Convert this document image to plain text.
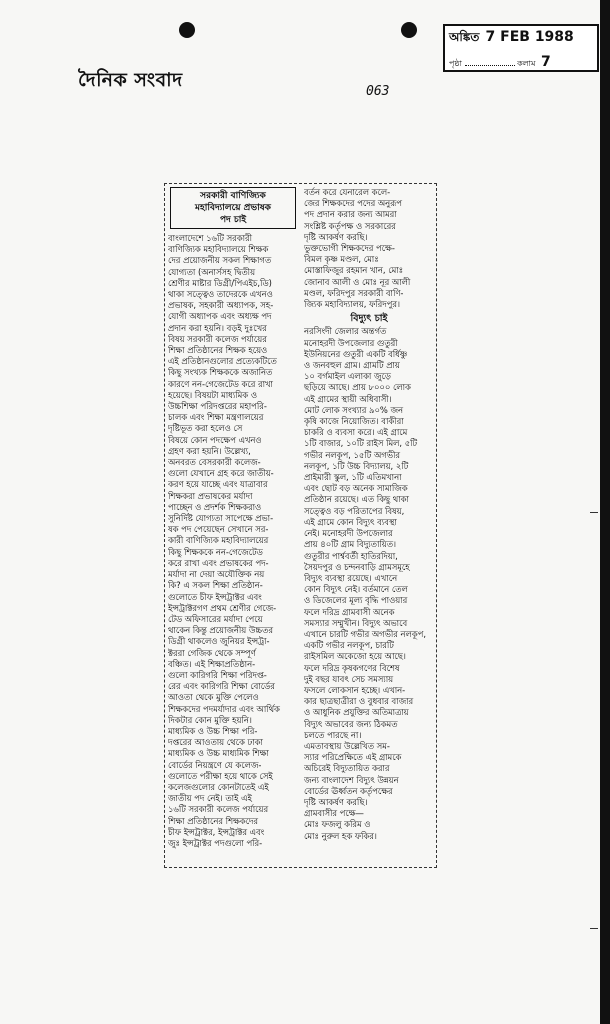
অঙ্কিত 7 FEB 1988
পৃষ্ঠা	কলাম 7
দৈনিক সংবাদ
063
সরকারী বাণিজ্যিক
মহাবিদ্যালয়ে প্রভাষক
পদ চাই

বাংলাদেশে ১৬টি সরকারী

বাণিজ্যিক মহাবিদ্যালয়ে শিক্ষক

দের প্রয়োজনীয় সকল শিক্ষাগত

যোগ্যতা (অনার্সসহ দ্বিতীয়

শ্রেণীর মাষ্টার ডিগ্রী/পিএইচ,ডি)

থাকা সত্ত্বেও তাদেরকে এখনও

প্রভাষক, সহকারী অধ্যাপক, সহ-

যোগী অধ্যাপক এবং অধ্যক্ষ পদ

প্রদান করা হয়নি। বড়ই দুঃখের

বিষয় সরকারী কলেজ পর্যায়ের

শিক্ষা প্রতিষ্ঠানের শিক্ষক হয়েও

এই প্রতিষ্ঠানগুলোর প্রত্যেকটিতে

কিছু সংখ্যক শিক্ষককে অজানিত

কারণে নন-গেজেটেড করে রাখা

হয়েছে। বিষয়টা মাধ্যমিক ও

উচ্চশিক্ষা পরিদপ্তরের মহাপরি-

চালক এবং শিক্ষা মন্ত্রণালয়ের

দৃষ্টিভূত করা হলেও সে

বিষয়ে কোন পদক্ষেপ এখনও

গ্রহণ করা হয়নি। উল্লেখ্য,

অনবরত বেসরকারী কলেজ-

গুলো যেখানে গ্রহ করে জাতীয়-

করণ হয়ে যাচ্ছে এবং যাত্রাবার

শিক্ষকরা প্রভাষকের মর্যাদা

পাচ্ছেন ও প্রদর্শক শিক্ষকরাও

সুনির্দিষ্ট যোগ্যতা সাপেক্ষে প্রভা-

ষক পদ পেয়েছেন সেখানে সর-

কারী বাণিজ্যিক মহাবিদ্যালয়ের

কিছু শিক্ষককে নন-গেজেটেড

করে রাখা এবং প্রভাষকের পদ-

মর্যাদা না দেয়া অযৌক্তিক নয়

কি? এ সকল শিক্ষা প্রতিষ্ঠান-

গুলোতে চীফ ইন্সট্রাক্টর এবং

ইন্সট্রাক্টরগণ প্রথম শ্রেণীর গেজে-

টেড অফিসারের মর্যাদা পেয়ে

থাকেন কিন্তু প্রয়োজনীয় উচ্চতর

ডিগ্রী থাকলেও জুনিয়র ইন্সট্রা-

ক্টররা গেজিক থেকে সম্পূর্ণ

বঞ্চিত। এই শিক্ষাপ্রতিষ্ঠান-

গুলো কারিগরি শিক্ষা পরিদপ্ত-

রের এবং কারিগরি শিক্ষা বোর্ডের

আওতা থেকে মুক্তি পেলেও

শিক্ষকদের পদমর্যাদার এবং আর্থিক

দিকটার কোন মুক্তি হয়নি।

মাধ্যমিক ও উচ্চ শিক্ষা পরি-

দপ্তরের আওতায় থেকে ঢাকা

মাধ্যমিক ও উচ্চ মাধ্যমিক শিক্ষা

বোর্ডের নিয়ন্ত্রণে যে কলেজ-

গুলোতে পরীক্ষা হয়ে থাকে সেই

কলেজগুলোর কোনটাতেই এই

জাতীয় পদ নেই। তাই এই

১৬টি সরকারী কলেজ পর্যায়ের

শিক্ষা প্রতিষ্ঠানের শিক্ষকদের

চীফ ইন্সট্রাক্টর, ইন্সট্রাক্টর এবং

জুঃ ইন্সট্রাক্টর পদগুলো পরি-

বর্তন করে যেনারেল কলে-

জের শিক্ষকদের পদের অনুরূপ

পদ প্রদান করার জন্য আমরা

সংশ্লিষ্ট কর্তৃপক্ষ ও সরকারের

দৃষ্টি আকর্ষণ করছি।

ভুক্তভোগী শিক্ষকদের পক্ষে-

বিমল কৃষ্ণ মণ্ডল, মোঃ

মোস্তাফিজুর রহমান খান, মোঃ

জোনাব আলী ও মোঃ নূর আলী

মণ্ডল, ফরিদপুর সরকারী বাণি-

জ্যিক মহাবিদ্যালয়, ফরিদপুর।

বিদ্যুৎ চাই

নরসিংদী জেলার অন্তর্গত

মনোহরদী উপজেলার গুতুরী

ইউনিয়নের গুতুরী একটি বর্ধিষ্ণু

ও জনবহুল গ্রাম। গ্রামটি প্রায়

১০ বর্গমাইল এলাকা জুড়ে

ছড়িয়ে আছে। প্রায় ৮০০০ লোক

এই গ্রামের স্থায়ী অধিবাসী।

মোট লোক সংখ্যার ৯০% জন

কৃষি কাজে নিয়োজিত। বাকীরা

চাকরি ও ব্যবসা করে। এই গ্রামে

১টি বাজার, ১০টি রাইস মিল, ৫টি

গভীর নলকূপ, ১৫টি অগভীর

নলকূপ, ১টি উচ্চ বিদ্যালয়, ২টি

প্রাইমারী স্কুল, ১টি এতিমখানা

এবং ছোট বড় অনেক সামাজিক

প্রতিষ্ঠান রয়েছে। এত কিছু থাকা

সত্ত্বেও বড় পরিতাপের বিষয়,

এই গ্রামে কোন বিদ্যুৎ ব্যবস্থা

নেই। মনোহরদী উপজেলার

প্রায় ৪০টি গ্রাম বিদ্যুতায়িত।

গুতুরীর পার্শ্ববর্তী হাতিরদিয়া,

সৈয়দপুর ও চন্দনবাড়ি গ্রামসমূহে

বিদ্যুৎ ব্যবস্থা রয়েছে। এখানে

কোন বিদ্যুৎ নেই। বর্তমানে তেল

ও ডিজেলের মূল্য বৃদ্ধি পাওয়ার

ফলে দরিদ্র গ্রামবাসী অনেক

সমস্যার সম্মুখীন। বিদ্যুৎ অভাবে

এখানে চারটি গভীর অগভীর নলকূপ,

একটি গভীর নলকূপ, চারটি

রাইসমিল অকেজো হয়ে আছে।

ফলে দরিদ্র কৃষকগণের বিশেষ

দুই বছর যাবৎ সেচ সমস্যায়

ফসলে লোকসান হচ্ছে। এখান-

কার ছাত্রছাত্রীরা ও বুধবার বাজার

ও আধুনিক প্রযুক্তির অতিমাত্রায়

বিদ্যুৎ অভাবের জন্য ঠিকমত

চলতে পারছে না।

এমতাবস্থায় উল্লেখিত সম-

স্যার পরিপ্রেক্ষিতে এই গ্রামকে

অচিরেই বিদ্যুতায়িত করার

জন্য বাংলাদেশ বিদ্যুৎ উন্নয়ন

বোর্ডের ঊর্ধ্বতন কর্তৃপক্ষের

দৃষ্টি আকর্ষণ করছি।

গ্রামবাসীর পক্ষে—

মোঃ ফজলু করিম ও

মোঃ নুরুল হক ফকির।
